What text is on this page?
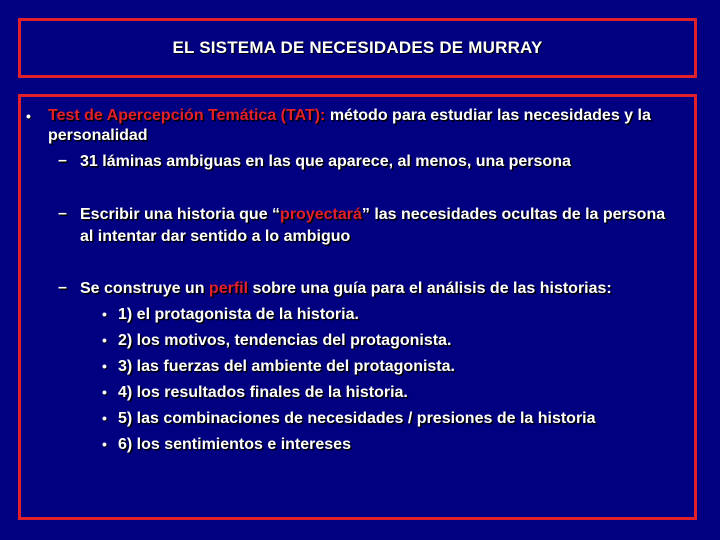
EL SISTEMA DE NECESIDADES DE MURRAY
• Test de Apercepción Temática (TAT): método para estudiar las necesidades y la
personalidad
– 31 láminas ambiguas en las que aparece, al menos, una persona
– Escribir una historia que “proyectará” las necesidades ocultas de la persona
al intentar dar sentido a lo ambiguo
– Se construye un perfil sobre una guía para el análisis de las historias:
• 1) el protagonista de la historia.
• 2) los motivos, tendencias del protagonista.
• 3) las fuerzas del ambiente del protagonista.
• 4) los resultados finales de la historia.
• 5) las combinaciones de necesidades / presiones de la historia
• 6) los sentimientos e intereses
